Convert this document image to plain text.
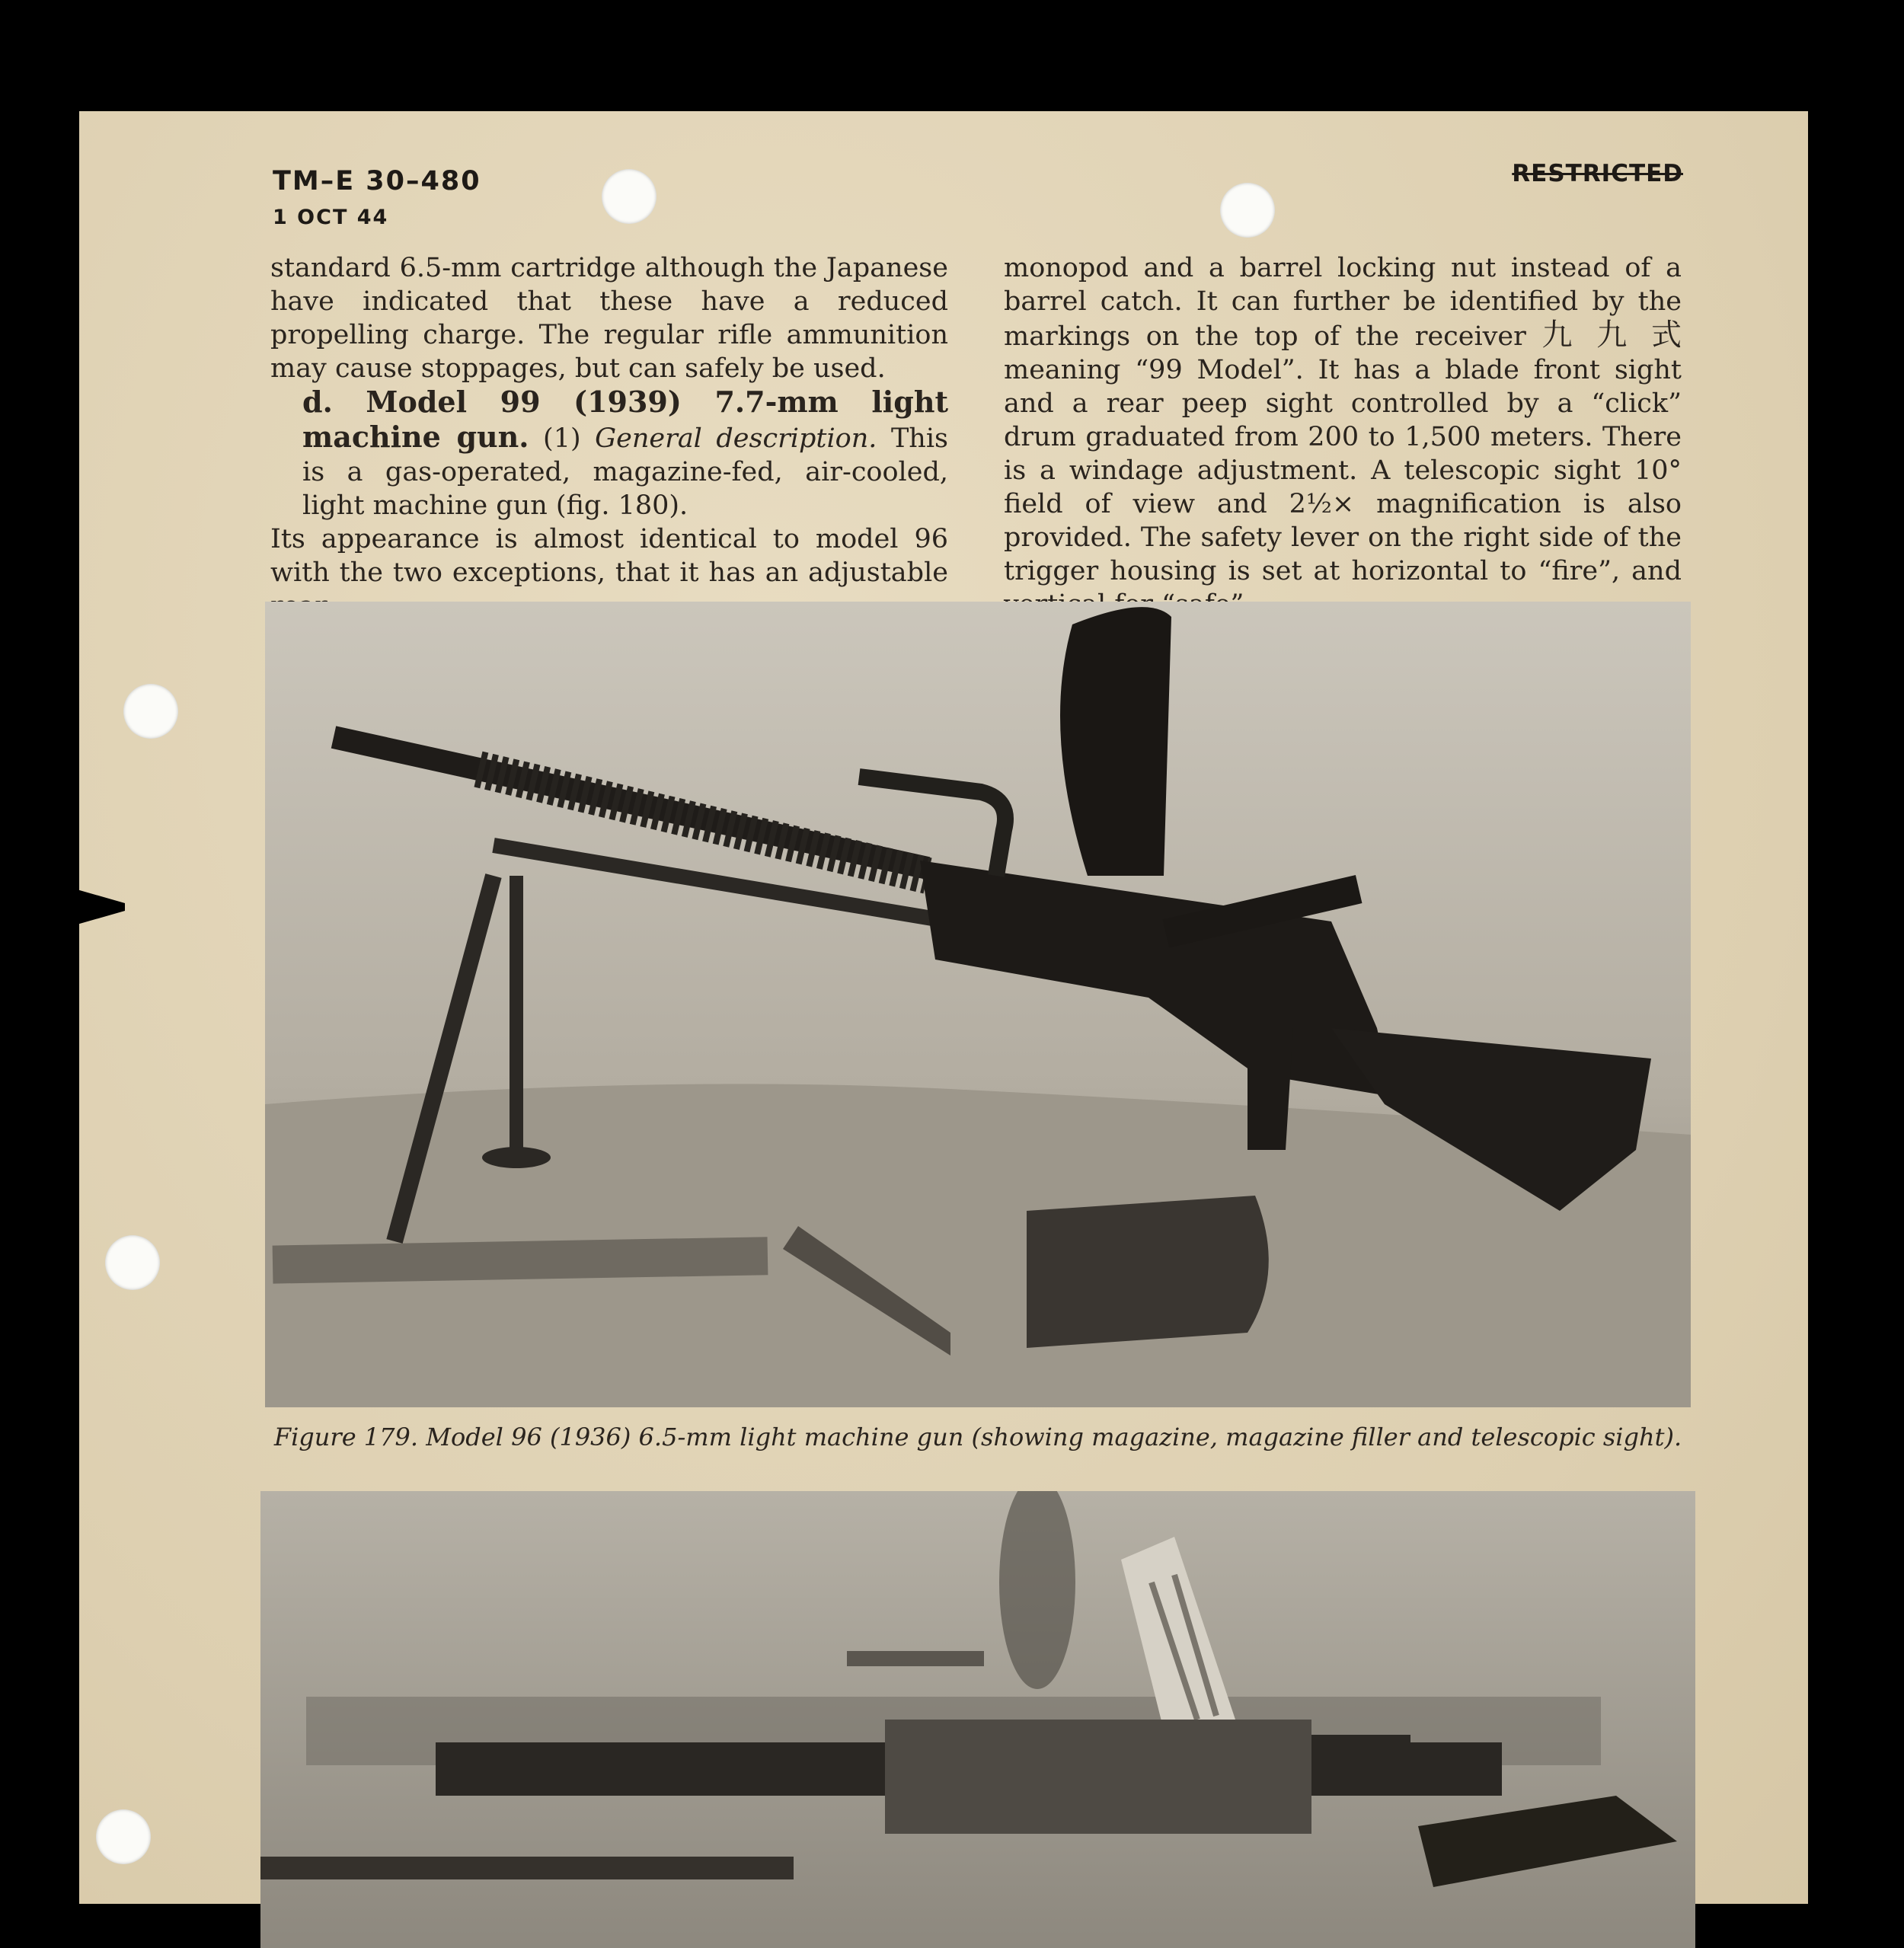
TM–E 30–480
1 OCT 44
RESTRICTED

standard 6.5-mm cartridge although the Japanese have indicated that these have a reduced propelling charge. The regular rifle ammunition may cause stoppages, but can safely be used.

d. Model 99 (1939) 7.7-mm light machine gun. (1) General description. This is a gas-operated, magazine-fed, air-cooled, light machine gun (fig. 180).

Its appearance is almost identical to model 96 with the two exceptions, that it has an adjustable

monopod and a barrel locking nut instead of a barrel catch. It can further be identified by the markings on the top of the receiver 九 九 式 meaning “99 Model”. It has a blade front sight and a rear peep sight controlled by a “click” drum graduated from 200 to 1,500 meters. There is a windage adjustment. A telescopic sight 10° field of view and 2½× magnification is also provided. The safety lever on the right side of the trigger housing is set at horizontal to “fire”, and

Figure 179. Model 96 (1936) 6.5-mm light machine gun (showing magazine, magazine filler and telescopic sight).
